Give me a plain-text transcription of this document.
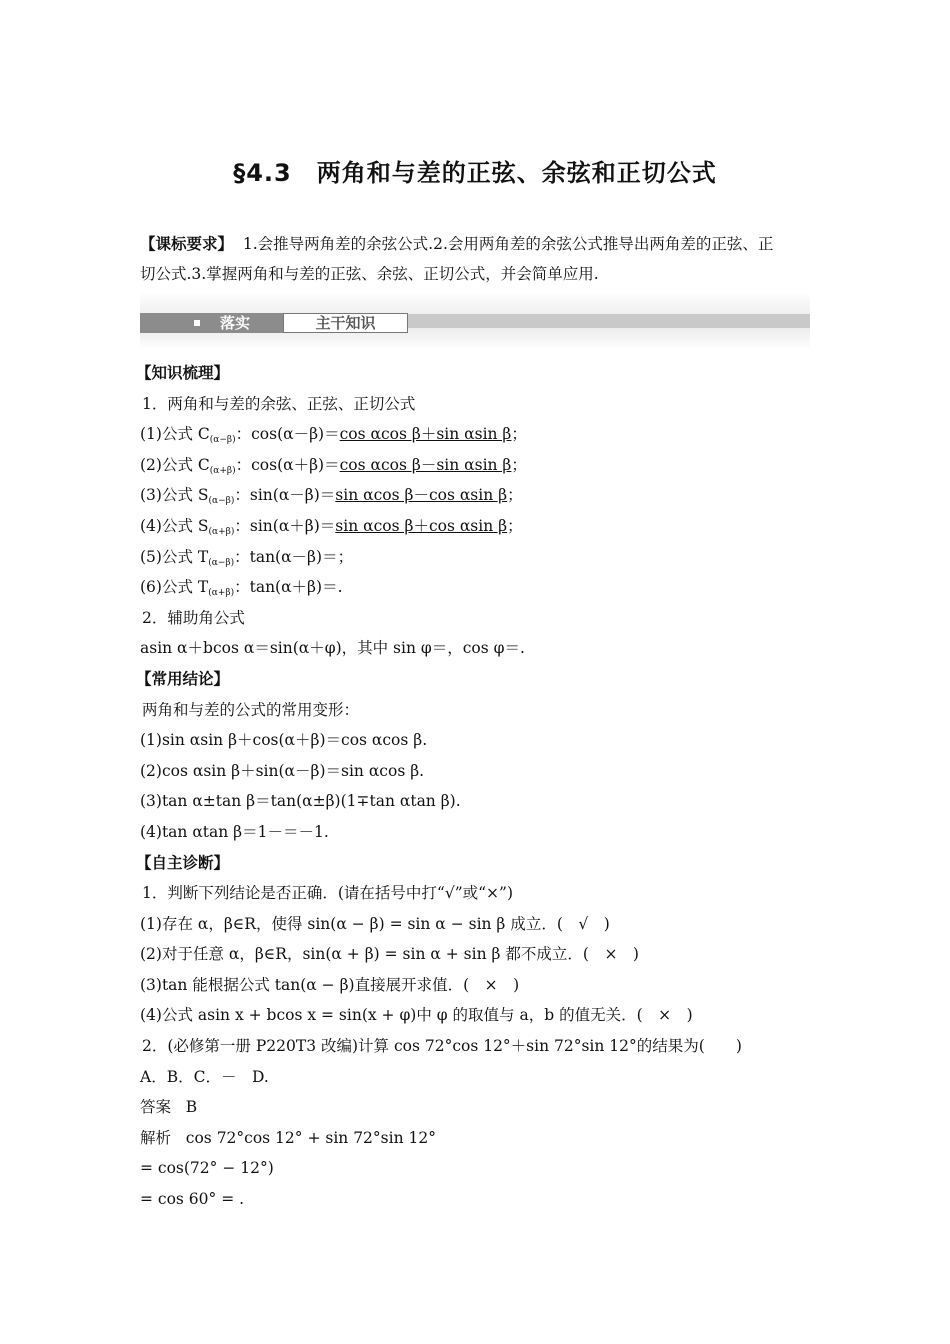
§4.3　两角和与差的正弦、余弦和正切公式
【课标要求】 1.会推导两角差的余弦公式.2.会用两角差的余弦公式推导出两角差的正弦、正
切公式.3.掌握两角和与差的正弦、余弦、正切公式，并会简单应用.
落实	主干知识
【知识梳理】
1．两角和与差的余弦、正弦、正切公式
(1)公式 $C_{(\alpha-\beta)}$：cos(α－β)＝cos αcos β＋sin αsin β；
(2)公式 $C_{(\alpha+\beta)}$：cos(α＋β)＝cos αcos β－sin αsin β；
(3)公式 $S_{(\alpha-\beta)}$：sin(α－β)＝sin αcos β－cos αsin β；
(4)公式 $S_{(\alpha+\beta)}$：sin(α＋β)＝sin αcos β＋cos αsin β；
(5)公式 $T_{(\alpha-\beta)}$：tan(α－β)＝；
(6)公式 $T_{(\alpha+\beta)}$：tan(α＋β)＝.
2．辅助角公式
asin α＋bcos α＝sin(α＋φ)，其中 sin φ＝，cos φ＝.
【常用结论】
两角和与差的公式的常用变形：
(1)sin αsin β＋cos(α＋β)＝cos αcos β.
(2)cos αsin β＋sin(α－β)＝sin αcos β.
(3)tan α±tan β＝tan(α±β)(1∓tan αtan β).
(4)tan αtan β＝1－＝－1.
【自主诊断】
1．判断下列结论是否正确．(请在括号中打“√”或“×”)
(1)存在 α，β∈R，使得 sin(α − β) = sin α − sin β 成立．(　√　)
(2)对于任意 α，β∈R，sin(α + β) = sin α + sin β 都不成立．(　×　)
(3)tan 能根据公式 tan(α − β)直接展开求值．(　×　)
(4)公式 asin x + bcos x = sin(x + φ)中 φ 的取值与 a，b 的值无关．(　×　)
2．(必修第一册 P220T3 改编)计算 cos 72°cos 12°＋sin 72°sin 12°的结果为(　　)
A．B．C．－　D.
答案 B
解析 cos 72°cos 12° + sin 72°sin 12°
= cos(72° − 12°)
= cos 60° = .
